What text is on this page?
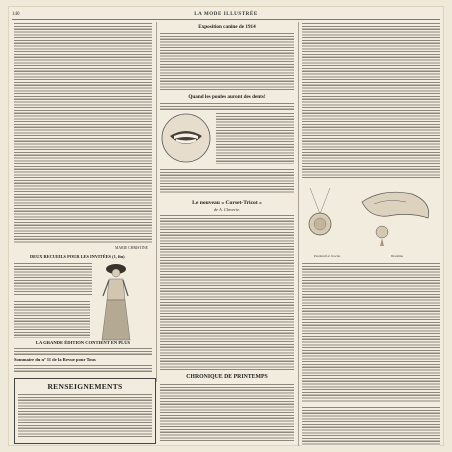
140	LA MODE ILLUSTRÉE
MARIE CHRISTINE
DEUX RECUEILS POUR LES INVITÉES (1, fin)
LA GRANDE ÉDITION CONTIENT EN PLUS
Sommaire du nº 11 de la Revue pour Tous
Exposition canine de 1914
Quand les poules auront des dents!
Le nouveau « Corset-Tricot »
de A. Claverie.
Pendentif et broche	Diadème
CHRONIQUE DE PRINTEMPS
RENSEIGNEMENTS
